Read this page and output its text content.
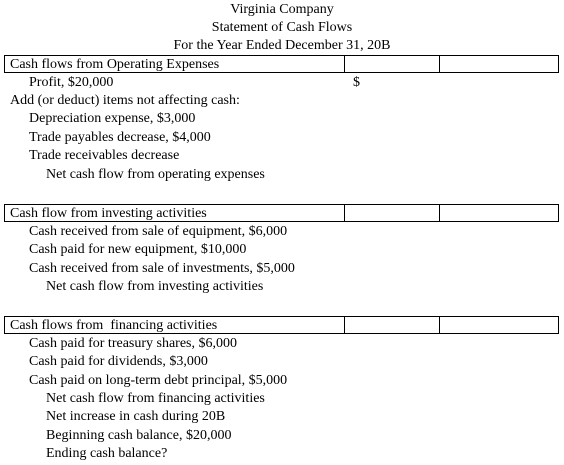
Virginia Company
Statement of Cash Flows
For the Year Ended December 31, 20B
Cash flows from Operating Expenses
Profit, $20,000	$
Add (or deduct) items not affecting cash:
Depreciation expense, $3,000
Trade payables decrease, $4,000
Trade receivables decrease
Net cash flow from operating expenses
Cash flow from investing activities
Cash received from sale of equipment, $6,000
Cash paid for new equipment, $10,000
Cash received from sale of investments, $5,000
Net cash flow from investing activities
Cash flows from  financing activities
Cash paid for treasury shares, $6,000
Cash paid for dividends, $3,000
Cash paid on long-term debt principal, $5,000
Net cash flow from financing activities
Net increase in cash during 20B
Beginning cash balance, $20,000
Ending cash balance?
